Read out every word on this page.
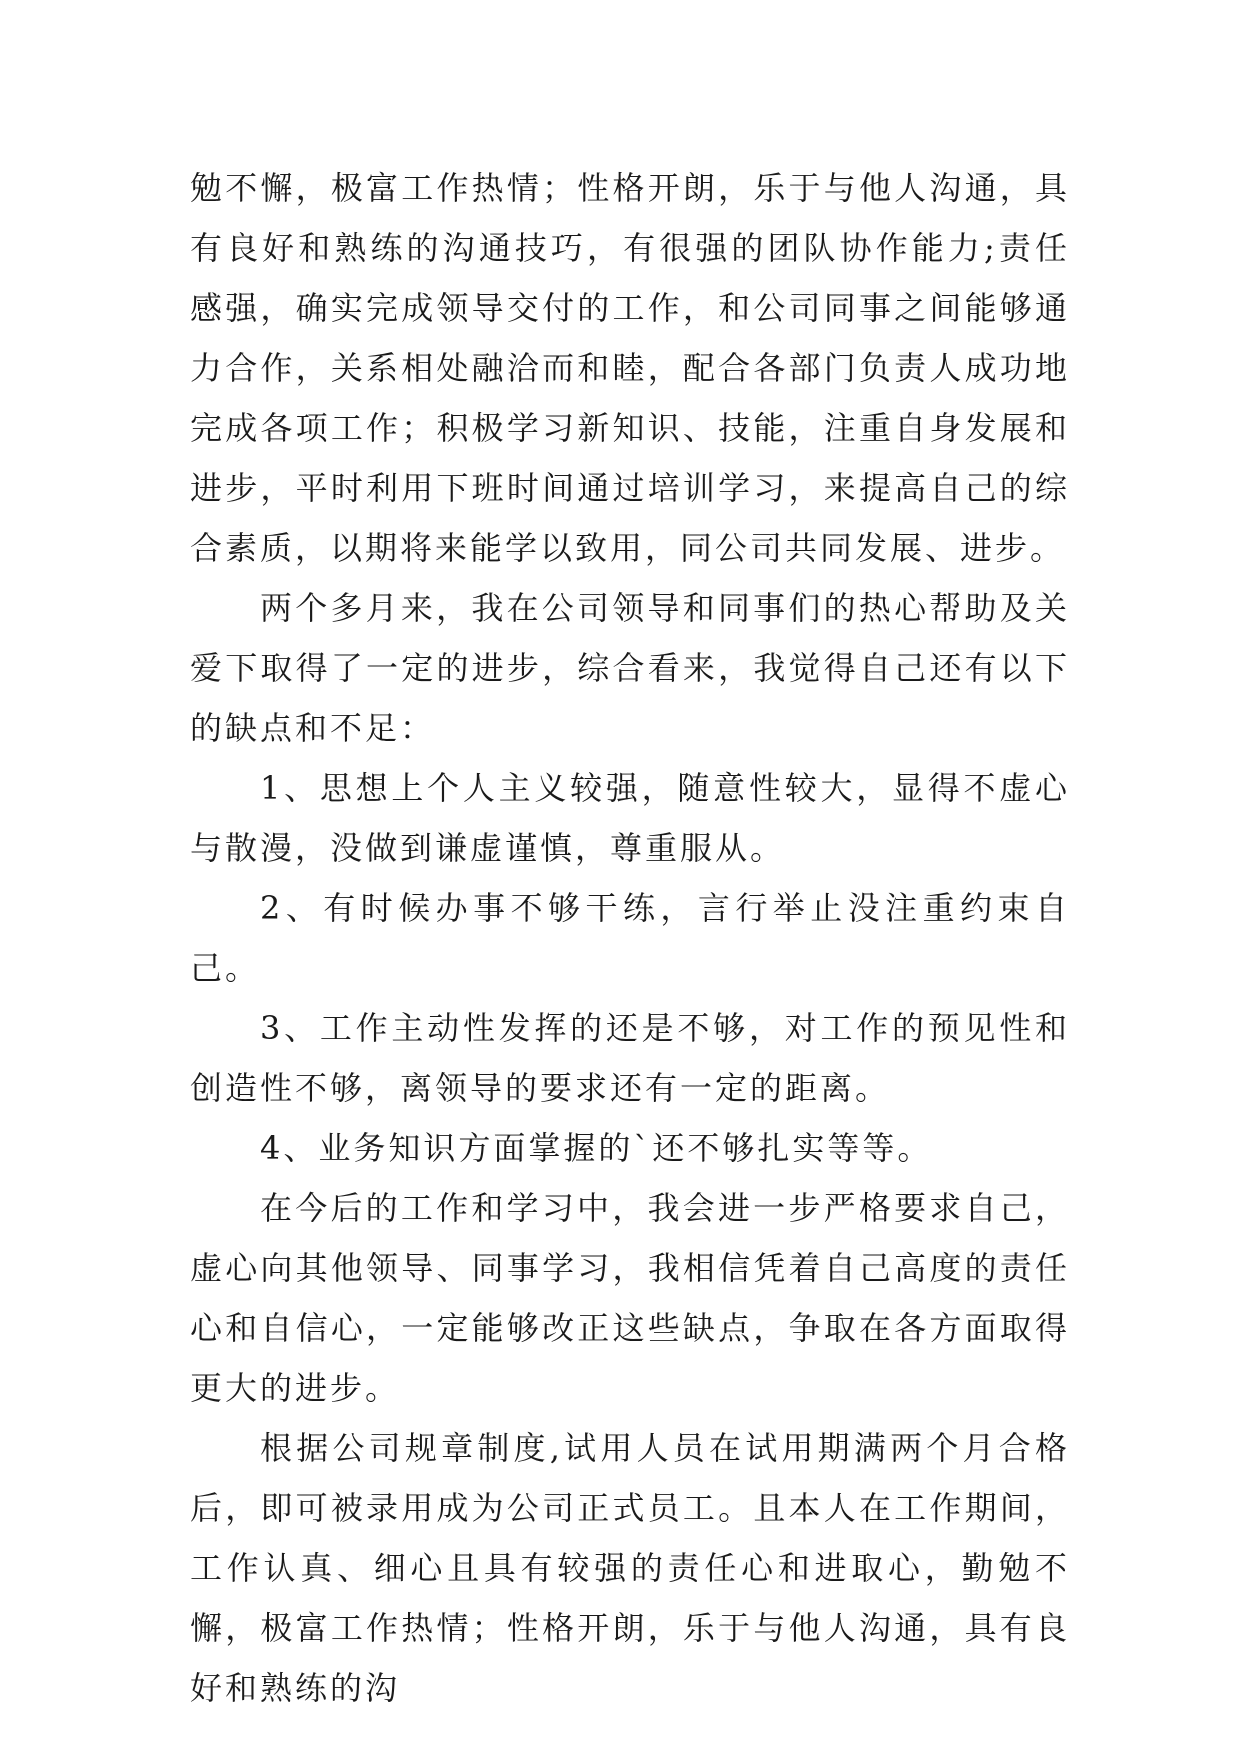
勉不懈，极富工作热情；性格开朗，乐于与他人沟通，具有良好和熟练的沟通技巧，有很强的团队协作能力;责任感强，确实完成领导交付的工作，和公司同事之间能够通力合作，关系相处融洽而和睦，配合各部门负责人成功地完成各项工作；积极学习新知识、技能，注重自身发展和进步，平时利用下班时间通过培训学习，来提高自己的综合素质，以期将来能学以致用，同公司共同发展、进步。

两个多月来，我在公司领导和同事们的热心帮助及关爱下取得了一定的进步，综合看来，我觉得自己还有以下的缺点和不足：

1、思想上个人主义较强，随意性较大，显得不虚心与散漫，没做到谦虚谨慎，尊重服从。

2、有时候办事不够干练，言行举止没注重约束自己。

3、工作主动性发挥的还是不够，对工作的预见性和创造性不够，离领导的要求还有一定的距离。

4、业务知识方面掌握的`还不够扎实等等。

在今后的工作和学习中，我会进一步严格要求自己，虚心向其他领导、同事学习，我相信凭着自己高度的责任心和自信心，一定能够改正这些缺点，争取在各方面取得更大的进步。

根据公司规章制度,试用人员在试用期满两个月合格后，即可被录用成为公司正式员工。且本人在工作期间，工作认真、细心且具有较强的责任心和进取心，勤勉不懈，极富工作热情；性格开朗，乐于与他人沟通，具有良好和熟练的沟
